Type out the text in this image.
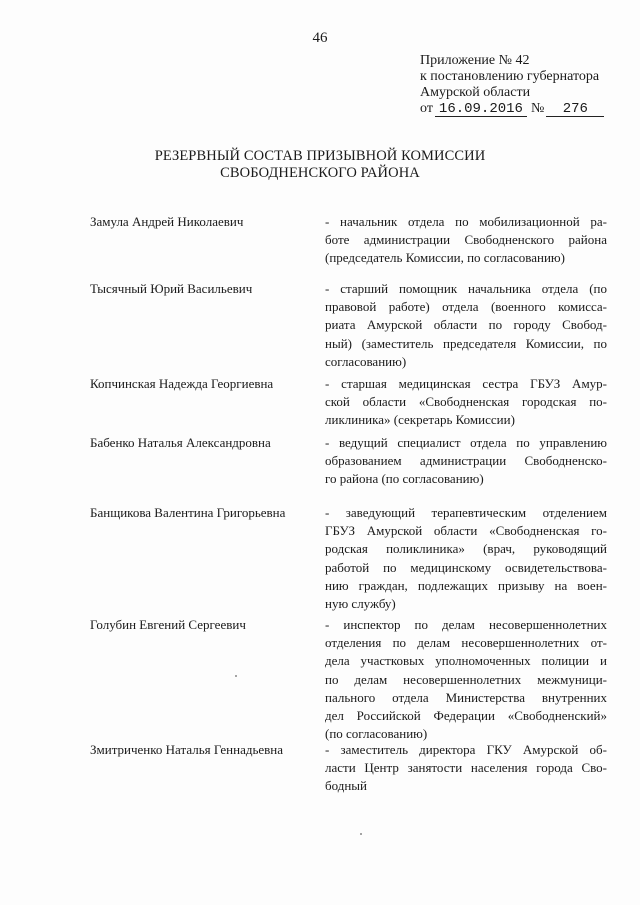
46
Приложение № 42
к постановлению губернатора
Амурской области
от 16.09.2016 № 276
РЕЗЕРВНЫЙ СОСТАВ ПРИЗЫВНОЙ КОМИССИИ
СВОБОДНЕНСКОГО РАЙОНА
Замула Андрей Николаевич	- начальник отдела по мобилизационной ра-
боте администрации Свободненского района
(председатель Комиссии, по согласованию)
Тысячный Юрий Васильевич	- старший помощник начальника отдела (по
правовой работе) отдела (военного комисса-
риата Амурской области по городу Свобод-
ный) (заместитель председателя Комиссии, по
согласованию)
Копчинская Надежда Георгиевна	- старшая медицинская сестра ГБУЗ Амур-
ской области «Свободненская городская по-
ликлиника» (секретарь Комиссии)
Бабенко Наталья Александровна	- ведущий специалист отдела по управлению
образованием администрации Свободненско-
го района (по согласованию)
Банщикова Валентина Григорьевна	- заведующий терапевтическим отделением
ГБУЗ Амурской области «Свободненская го-
родская поликлиника» (врач, руководящий
работой по медицинскому освидетельствова-
нию граждан, подлежащих призыву на воен-
ную службу)
Голубин Евгений Сергеевич	- инспектор по делам несовершеннолетних
отделения по делам несовершеннолетних от-
дела участковых уполномоченных полиции и
по делам несовершеннолетних межмуници-
пального отдела Министерства внутренних
дел Российской Федерации «Свободненский»
(по согласованию)
Змитриченко Наталья Геннадьевна	- заместитель директора ГКУ Амурской об-
ласти Центр занятости населения города Сво-
бодный
